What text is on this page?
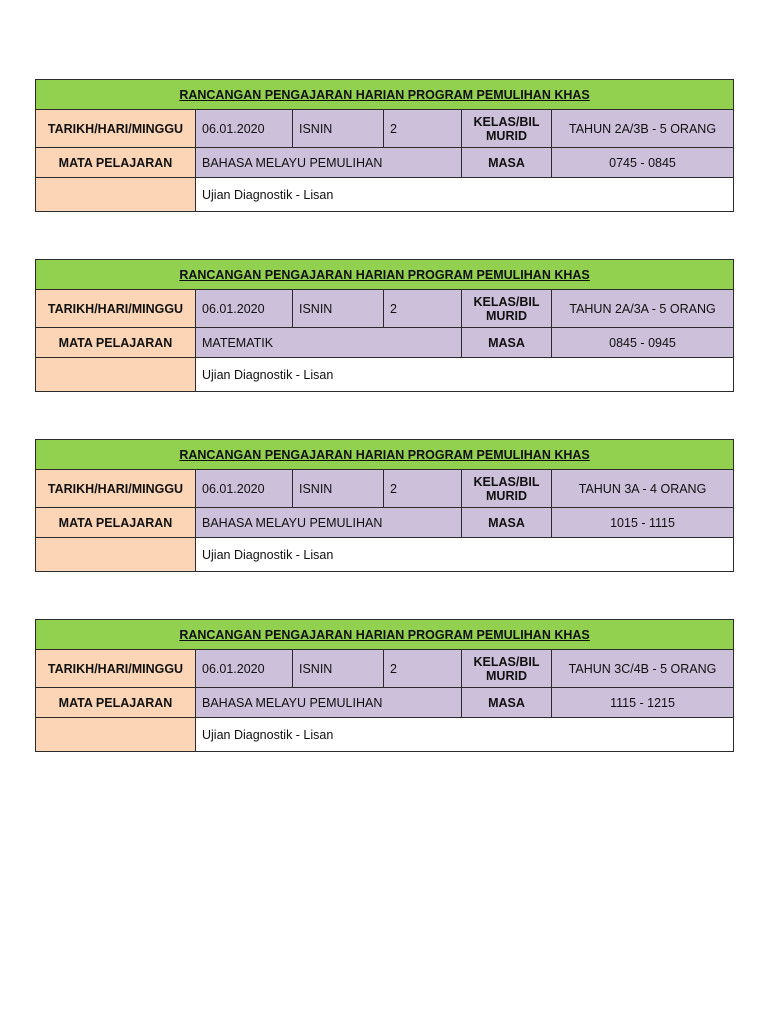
RANCANGAN PENGAJARAN HARIAN PROGRAM PEMULIHAN KHAS					
TARIKH/HARI/MINGGU	06.01.2020	ISNIN	2	KELAS/BIL MURID	TAHUN 2A/3B - 5 ORANG
MATA PELAJARAN	BAHASA MELAYU PEMULIHAN			MASA	0745 - 0845
	Ujian Diagnostik - Lisan				
RANCANGAN PENGAJARAN HARIAN PROGRAM PEMULIHAN KHAS					
TARIKH/HARI/MINGGU	06.01.2020	ISNIN	2	KELAS/BIL MURID	TAHUN 2A/3A - 5 ORANG
MATA PELAJARAN	MATEMATIK			MASA	0845 - 0945
	Ujian Diagnostik - Lisan				
RANCANGAN PENGAJARAN HARIAN PROGRAM PEMULIHAN KHAS					
TARIKH/HARI/MINGGU	06.01.2020	ISNIN	2	KELAS/BIL MURID	TAHUN 3A - 4 ORANG
MATA PELAJARAN	BAHASA MELAYU PEMULIHAN			MASA	1015 - 1115
	Ujian Diagnostik - Lisan				
RANCANGAN PENGAJARAN HARIAN PROGRAM PEMULIHAN KHAS					
TARIKH/HARI/MINGGU	06.01.2020	ISNIN	2	KELAS/BIL MURID	TAHUN 3C/4B - 5 ORANG
MATA PELAJARAN	BAHASA MELAYU PEMULIHAN			MASA	1115 - 1215
	Ujian Diagnostik - Lisan				
